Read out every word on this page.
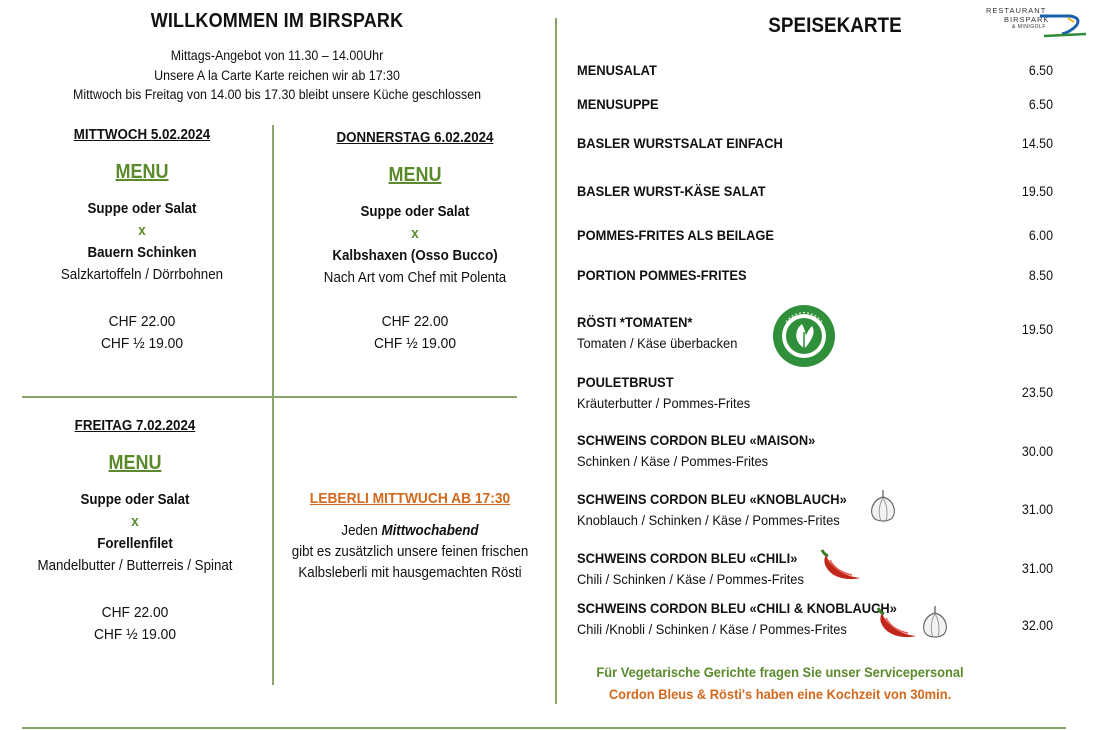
WILLKOMMEN IM BIRSPARK
Mittags-Angebot von 11.30 – 14.00Uhr
Unsere A la Carte Karte reichen wir ab 17:30
Mittwoch bis Freitag von 14.00 bis 17.30 bleibt unsere Küche geschlossen
MITTWOCH 5.02.2024
MENU
Suppe oder Salat
x
Bauern Schinken
Salzkartoffeln / Dörrbohnen
CHF 22.00
CHF ½ 19.00
DONNERSTAG 6.02.2024
MENU
Suppe oder Salat
x
Kalbshaxen (Osso Bucco)
Nach Art vom Chef mit Polenta
CHF 22.00
CHF ½ 19.00
FREITAG 7.02.2024
MENU
Suppe oder Salat
x
Forellenfilet
Mandelbutter / Butterreis / Spinat
CHF 22.00
CHF ½ 19.00
LEBERLI MITTWUCH AB 17:30
Jeden Mittwochabend
gibt es zusätzlich unsere feinen frischen
Kalbsleberli mit hausgemachten Rösti
SPEISEKARTE
RESTAURANT
BIRSPARK
& MINIGOLF
MENUSALAT	6.50
MENUSUPPE	6.50
BASLER WURSTSALAT EINFACH	14.50
BASLER WURST-KÄSE SALAT	19.50
POMMES-FRITES ALS BEILAGE	6.00
PORTION POMMES-FRITES	8.50
RÖSTI *TOMATEN*
Tomaten / Käse überbacken
19.50
POULETBRUST
Kräuterbutter / Pommes-Frites
23.50
SCHWEINS CORDON BLEU «MAISON»
Schinken / Käse / Pommes-Frites
30.00
SCHWEINS CORDON BLEU «KNOBLAUCH»
Knoblauch / Schinken / Käse / Pommes-Frites
31.00
SCHWEINS CORDON BLEU «CHILI»
Chili / Schinken / Käse / Pommes-Frites
31.00
SCHWEINS CORDON BLEU «CHILI & KNOBLAUCH»
Chili /Knobli / Schinken / Käse / Pommes-Frites	32.00
Für Vegetarische Gerichte fragen Sie unser Servicepersonal
Cordon Bleus & Rösti's haben eine Kochzeit von 30min.
